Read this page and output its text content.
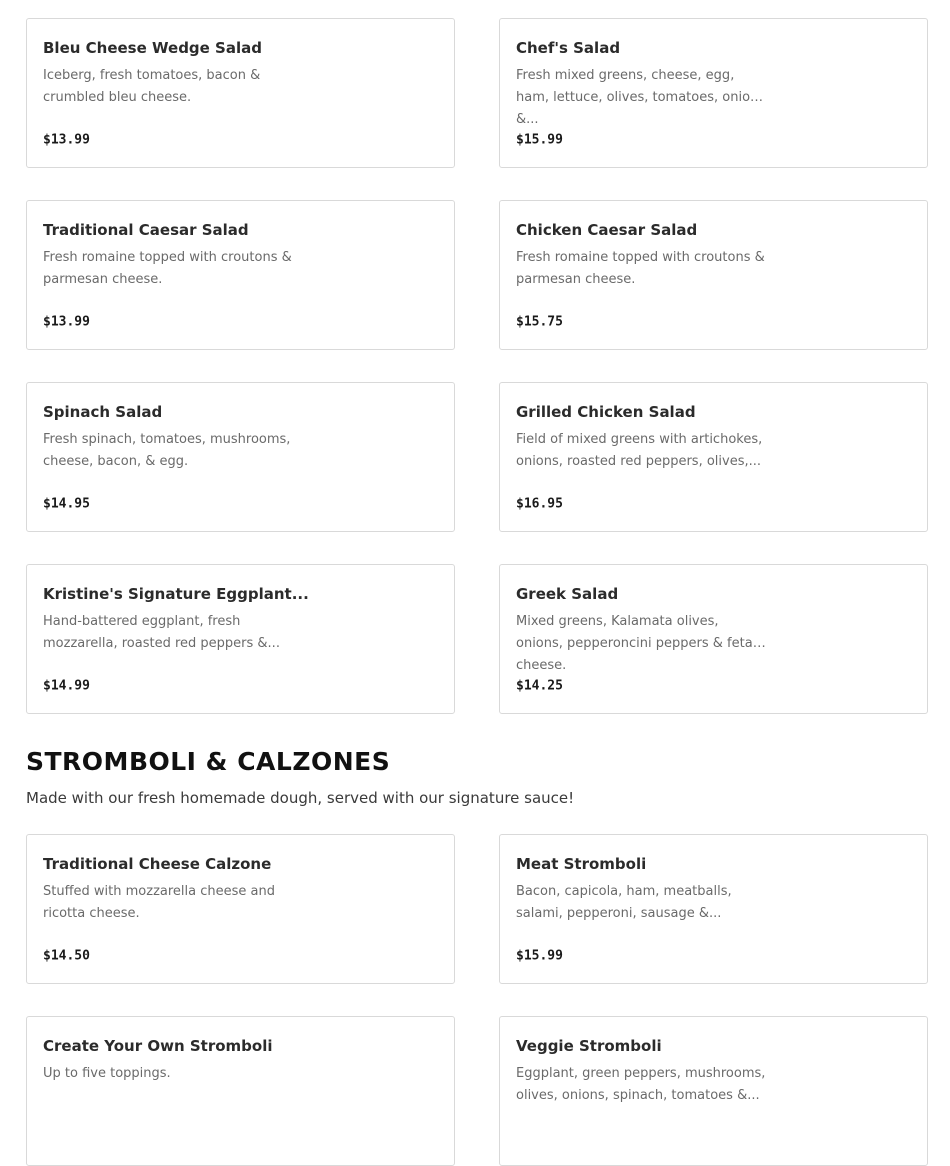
Bleu Cheese Wedge Salad
Iceberg, fresh tomatoes, bacon & crumbled bleu cheese.
$13.99
Chef's Salad
Fresh mixed greens, cheese, egg, ham, lettuce, olives, tomatoes, onions &...
$15.99
Traditional Caesar Salad
Fresh romaine topped with croutons & parmesan cheese.
$13.99
Chicken Caesar Salad
Fresh romaine topped with croutons & parmesan cheese.
$15.75
Spinach Salad
Fresh spinach, tomatoes, mushrooms, cheese, bacon, & egg.
$14.95
Grilled Chicken Salad
Field of mixed greens with artichokes, onions, roasted red peppers, olives,...
$16.95
Kristine's Signature Eggplant...
Hand-battered eggplant, fresh mozzarella, roasted red peppers &...
$14.99
Greek Salad
Mixed greens, Kalamata olives, onions, pepperoncini peppers & feta cheese.
$14.25
STROMBOLI & CALZONES

Made with our fresh homemade dough, served with our signature sauce!

Traditional Cheese Calzone
Stuffed with mozzarella cheese and ricotta cheese.
$14.50
Meat Stromboli
Bacon, capicola, ham, meatballs, salami, pepperoni, sausage &...
$15.99
Create Your Own Stromboli
Up to five toppings.
Veggie Stromboli
Eggplant, green peppers, mushrooms, olives, onions, spinach, tomatoes &...
